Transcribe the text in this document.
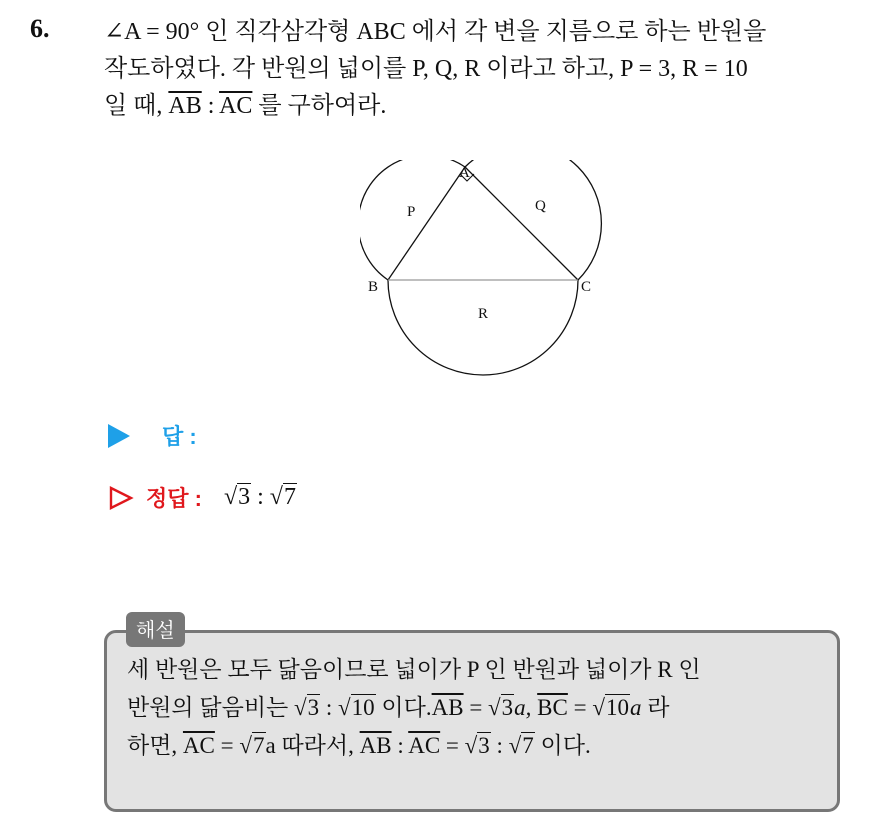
6. ∠A = 90° 인 직각삼각형 ABC 에서 각 변을 지름으로 하는 반원을
작도하였다. 각 반원의 넓이를 P, Q, R 이라고 하고, P = 3, R = 10
일 때, $\overline{AB}$ : $\overline{AC}$ 를 구하여라.
A
B	C
P	Q
R
답 :
정답 : √3 : √7
세 반원은 모두 닮음이므로 넓이가 P 인 반원과 넓이가 R 인
반원의 닮음비는 √3 : √10 이다$.\overline{AB} = √3a$, $\overline{BC} = √10a$ 라
하면, $\overline{AC} = √7a$ 따라서, $\overline{AB}$ : $\overline{AC} = √3$ : √7 이다.
해설
